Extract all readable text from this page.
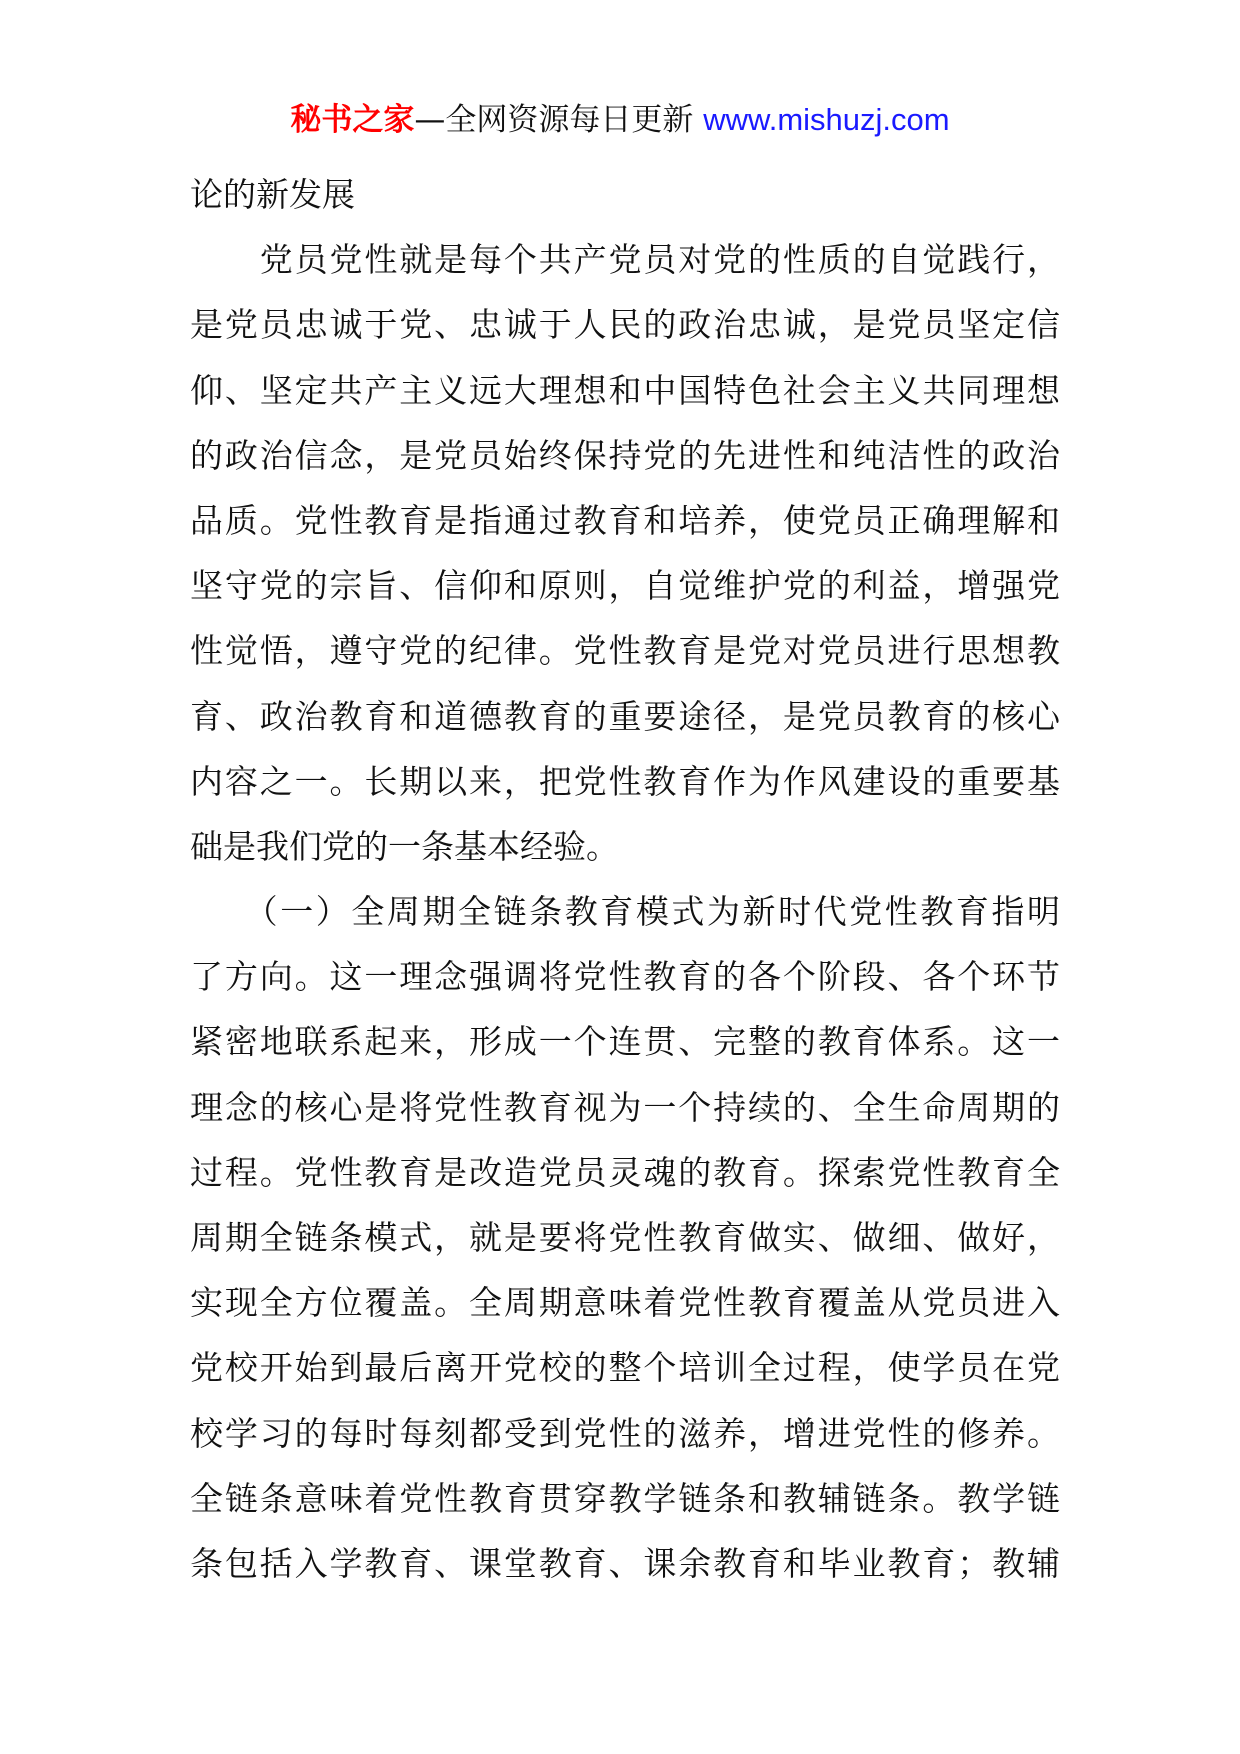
秘书之家—全网资源每日更新 www.mishuzj.com
论的新发展
　　党员党性就是每个共产党员对党的性质的自觉践行，
是党员忠诚于党、忠诚于人民的政治忠诚，是党员坚定信
仰、坚定共产主义远大理想和中国特色社会主义共同理想
的政治信念，是党员始终保持党的先进性和纯洁性的政治
品质。党性教育是指通过教育和培养，使党员正确理解和
坚守党的宗旨、信仰和原则，自觉维护党的利益，增强党
性觉悟，遵守党的纪律。党性教育是党对党员进行思想教
育、政治教育和道德教育的重要途径，是党员教育的核心
内容之一。长期以来，把党性教育作为作风建设的重要基
础是我们党的一条基本经验。
　　（一）全周期全链条教育模式为新时代党性教育指明
了方向。这一理念强调将党性教育的各个阶段、各个环节
紧密地联系起来，形成一个连贯、完整的教育体系。这一
理念的核心是将党性教育视为一个持续的、全生命周期的
过程。党性教育是改造党员灵魂的教育。探索党性教育全
周期全链条模式，就是要将党性教育做实、做细、做好，
实现全方位覆盖。全周期意味着党性教育覆盖从党员进入
党校开始到最后离开党校的整个培训全过程，使学员在党
校学习的每时每刻都受到党性的滋养，增进党性的修养。
全链条意味着党性教育贯穿教学链条和教辅链条。教学链
条包括入学教育、课堂教育、课余教育和毕业教育；教辅
